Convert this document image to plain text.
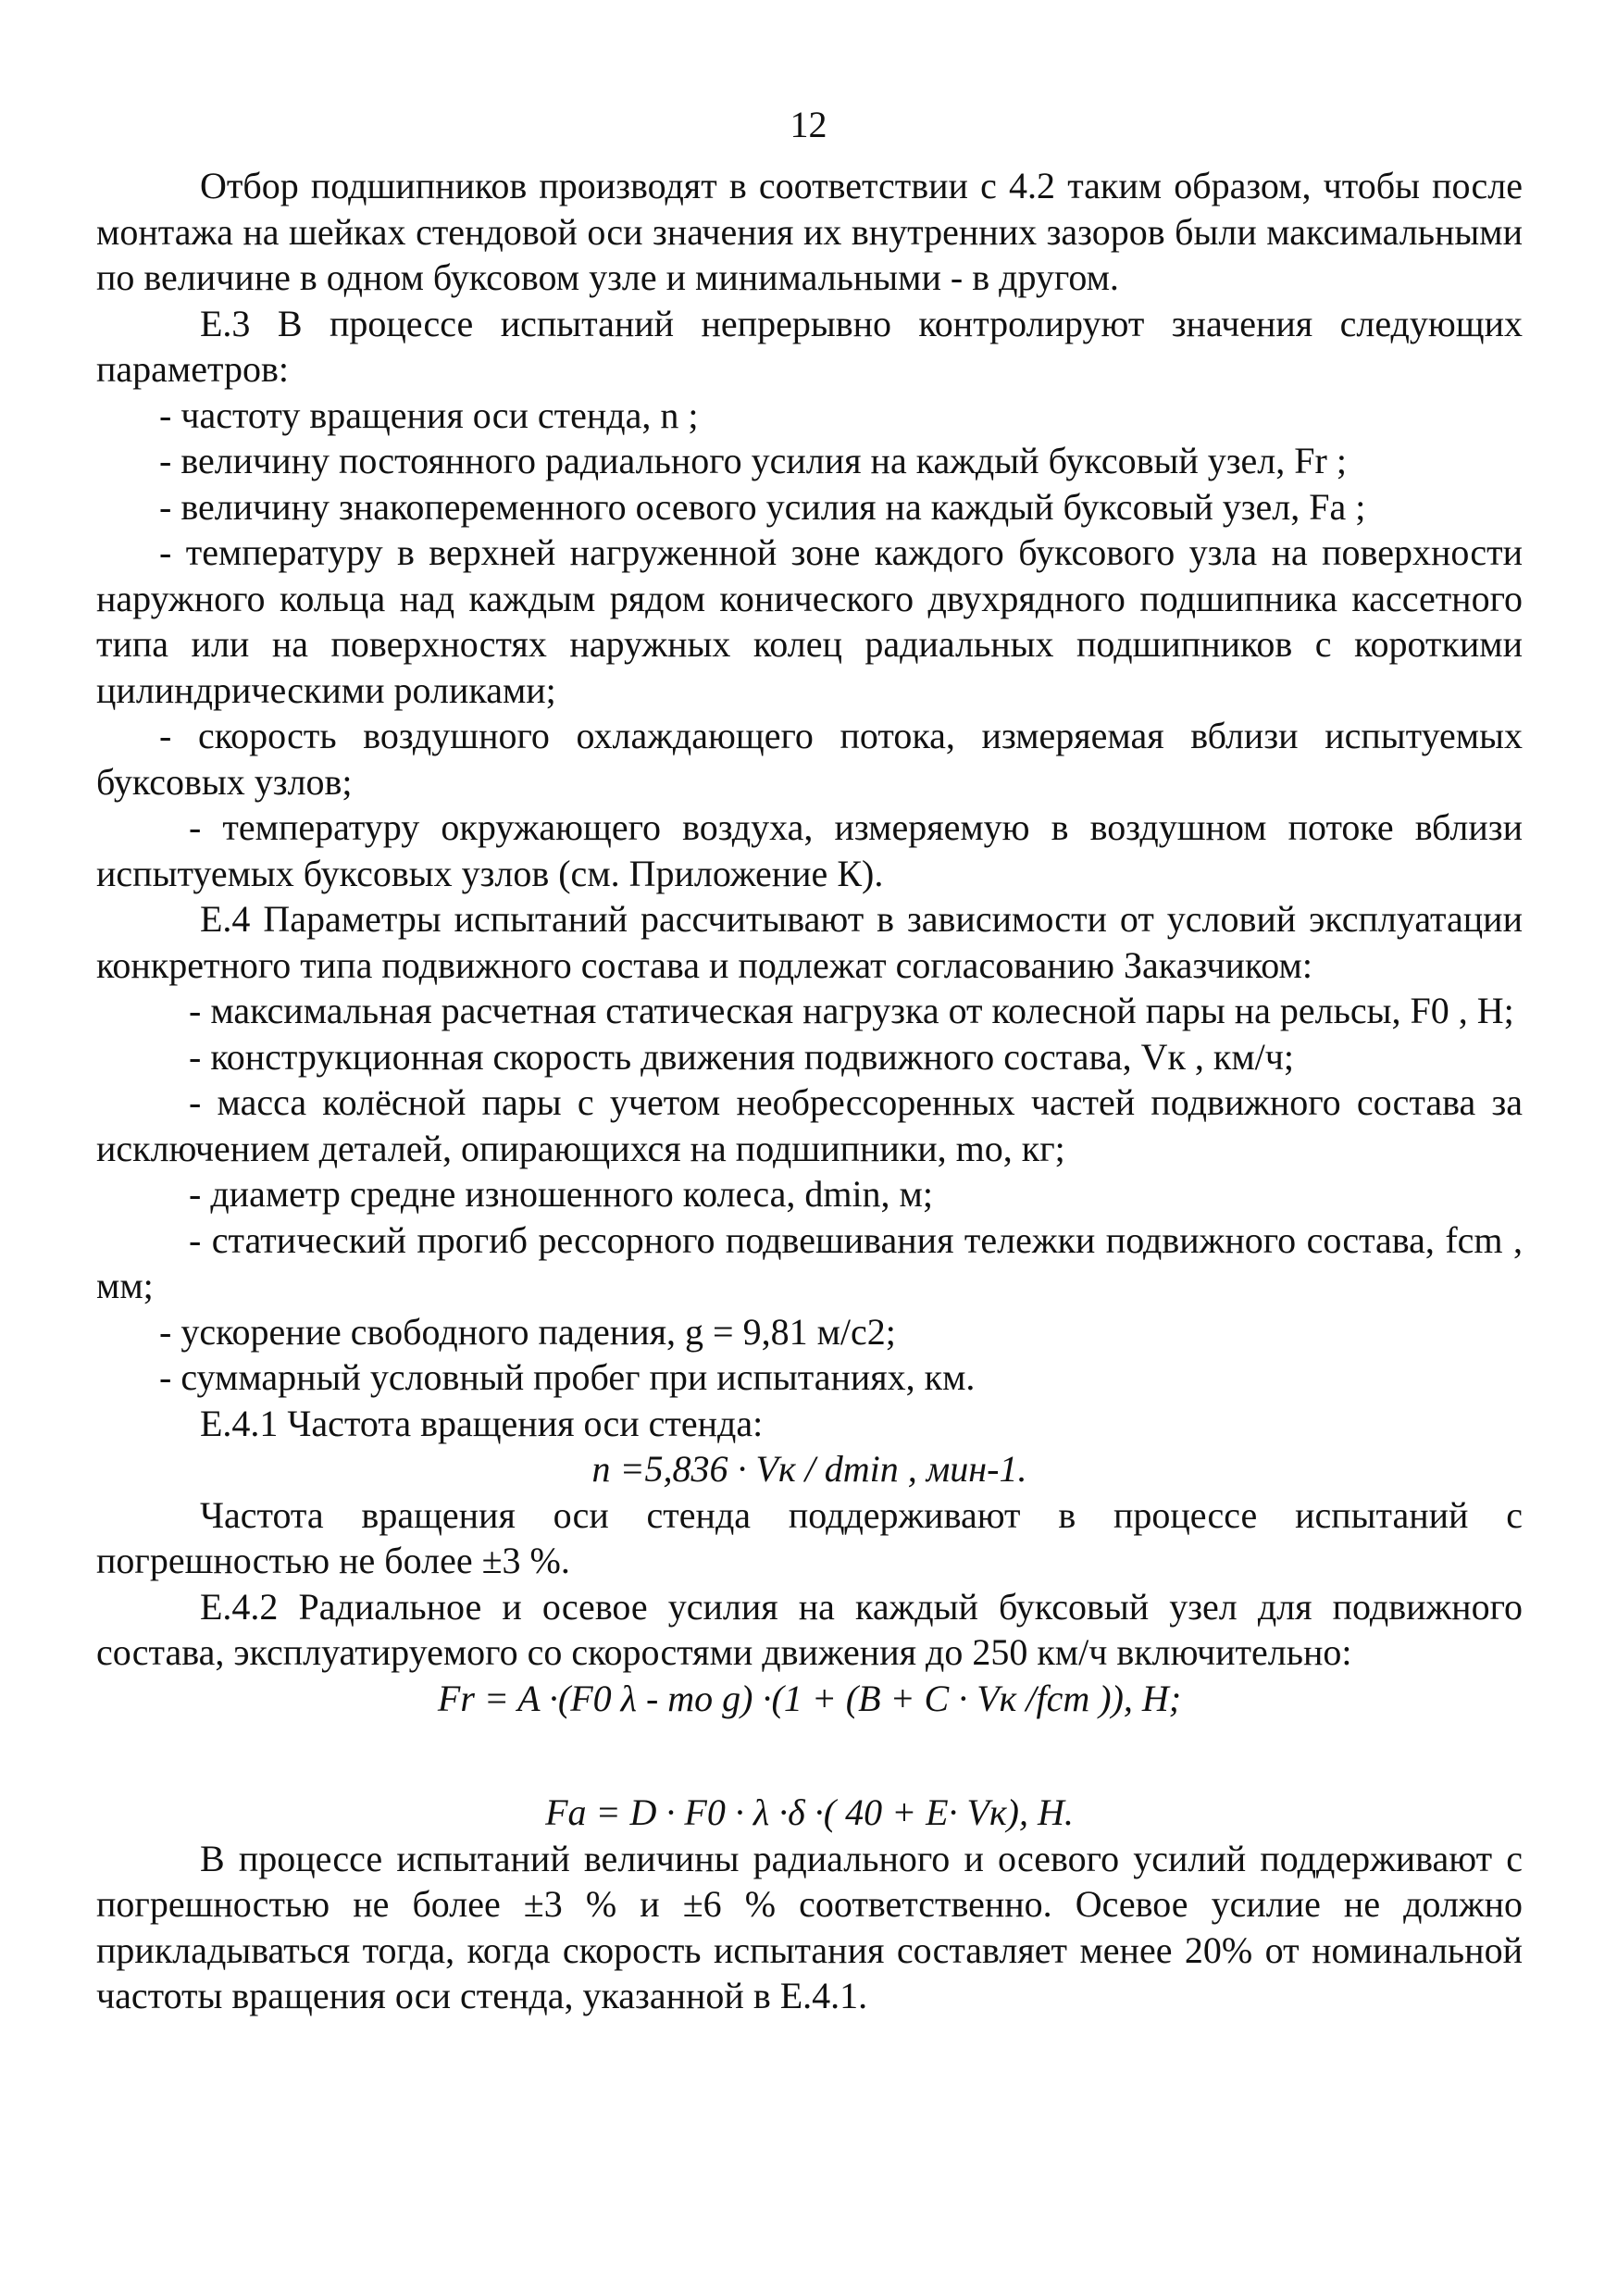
12

Отбор подшипников производят в соответствии с 4.2 таким образом, чтобы после монтажа на шейках стендовой оси значения их внутренних зазоров были максимальными по величине в одном буксовом узле и минимальными - в другом.

Е.3 В процессе испытаний непрерывно контролируют значения следующих параметров:

- частоту вращения оси стенда, n ;

- величину постоянного радиального усилия на каждый буксовый узел, Fr ;

- величину знакопеременного осевого усилия на каждый буксовый узел, Fa ;

- температуру в верхней нагруженной зоне каждого буксового узла на поверхности наружного кольца над каждым рядом конического двухрядного подшипника кассетного типа или на поверхностях наружных колец радиальных подшипников с короткими цилиндрическими роликами;

- скорость воздушного охлаждающего потока, измеряемая вблизи испытуемых буксовых узлов;

- температуру окружающего воздуха, измеряемую в воздушном потоке вблизи испытуемых буксовых узлов (см. Приложение К).

Е.4 Параметры испытаний рассчитывают в зависимости от условий эксплуатации конкретного типа подвижного состава и подлежат согласованию Заказчиком:

- максимальная расчетная статическая нагрузка от колесной пары на рельсы, F0 , Н;

- конструкционная скорость движения подвижного состава, Vк , км/ч;

- масса колёсной пары с учетом необрессоренных частей подвижного состава за исключением деталей, опирающихся на подшипники, mо, кг;

- диаметр средне изношенного колеса, dmin, м;

- статический прогиб рессорного подвешивания тележки подвижного состава, fcm , мм;

- ускорение свободного падения, g = 9,81 м/с2;

- суммарный условный пробег при испытаниях, км.

Е.4.1 Частота вращения оси стенда:

n =5,836 · Vк / dmin , мин-1.

Частота вращения оси стенда поддерживают в процессе испытаний с погрешностью не более ±3 %.

Е.4.2 Радиальное и осевое усилия на каждый буксовый узел для подвижного состава, эксплуатируемого со скоростями движения до 250 км/ч включительно:

Fr = A ·(F0 λ - mо g) ·(1 + (B + C · Vк /fcm )), Н;

Fa = D · F0 · λ ·δ ·( 40 + E· Vк), Н.

В процессе испытаний величины радиального и осевого усилий поддерживают с погрешностью не более ±3 % и ±6 % соответственно. Осевое усилие не должно прикладываться тогда, когда скорость испытания составляет менее 20% от номинальной частоты вращения оси стенда, указанной в Е.4.1.
